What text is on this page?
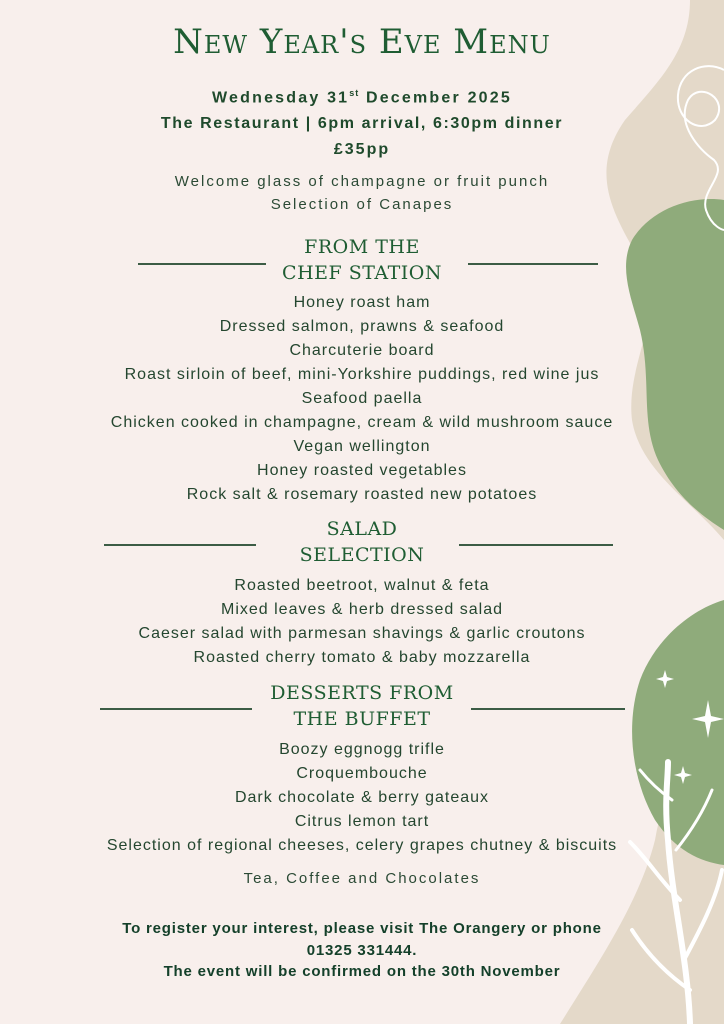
New Year's Eve Menu
Wednesday 31st December 2025
The Restaurant | 6pm arrival, 6:30pm dinner
£35pp
Welcome glass of champagne or fruit punch
Selection of Canapes
FROM THE
CHEF STATION
Honey roast ham
Dressed salmon, prawns & seafood
Charcuterie board
Roast sirloin of beef, mini-Yorkshire puddings, red wine jus
Seafood paella
Chicken cooked in champagne, cream & wild mushroom sauce
Vegan wellington
Honey roasted vegetables
Rock salt & rosemary roasted new potatoes
SALAD
SELECTION
Roasted beetroot, walnut & feta
Mixed leaves & herb dressed salad
Caeser salad with parmesan shavings & garlic croutons
Roasted cherry tomato & baby mozzarella
DESSERTS FROM
THE BUFFET
Boozy eggnogg trifle
Croquembouche
Dark chocolate & berry gateaux
Citrus lemon tart
Selection of regional cheeses, celery grapes chutney & biscuits
Tea, Coffee and Chocolates
To register your interest, please visit The Orangery or phone
01325 331444.
The event will be confirmed on the 30th November
